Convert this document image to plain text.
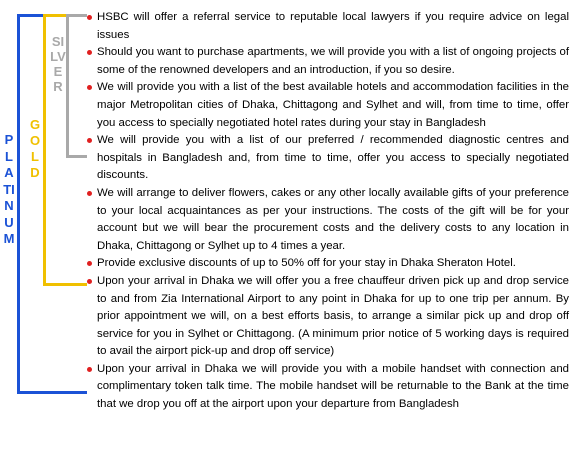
PLATINUM
GOLD
SILVER
HSBC will offer a referral service to reputable local lawyers if you require advice on legal issues
Should you want to purchase apartments, we will provide you with a list of ongoing projects of some of the renowned developers and an introduction, if you so desire.
We will provide you with a list of the best available hotels and accommodation facilities in the major Metropolitan cities of Dhaka, Chittagong and Sylhet and will, from time to time, offer you access to specially negotiated hotel rates during your stay in Bangladesh
We will provide you with a list of our preferred / recommended diagnostic centres and hospitals in Bangladesh and, from time to time, offer you access to specially negotiated discounts.
We will arrange to deliver flowers, cakes or any other locally available gifts of your preference to your local acquaintances as per your instructions. The costs of the gift will be for your account but we will bear the procurement costs and the delivery costs to any location in Dhaka, Chittagong or Sylhet up to 4 times a year.
Provide exclusive discounts of up to 50% off for your stay in Dhaka Sheraton Hotel.
Upon your arrival in Dhaka we will offer you a free chauffeur driven pick up and drop service to and from Zia International Airport to any point in Dhaka for up to one trip per annum. By prior appointment we will, on a best efforts basis, to arrange a similar pick up and drop off service for you in Sylhet or Chittagong. (A minimum prior notice of 5 working days is required to avail the airport pick-up and drop off service)
Upon your arrival in Dhaka we will provide you with a mobile handset with connection and complimentary token talk time. The mobile handset will be returnable to the Bank at the time that we drop you off at the airport upon your departure from Bangladesh
